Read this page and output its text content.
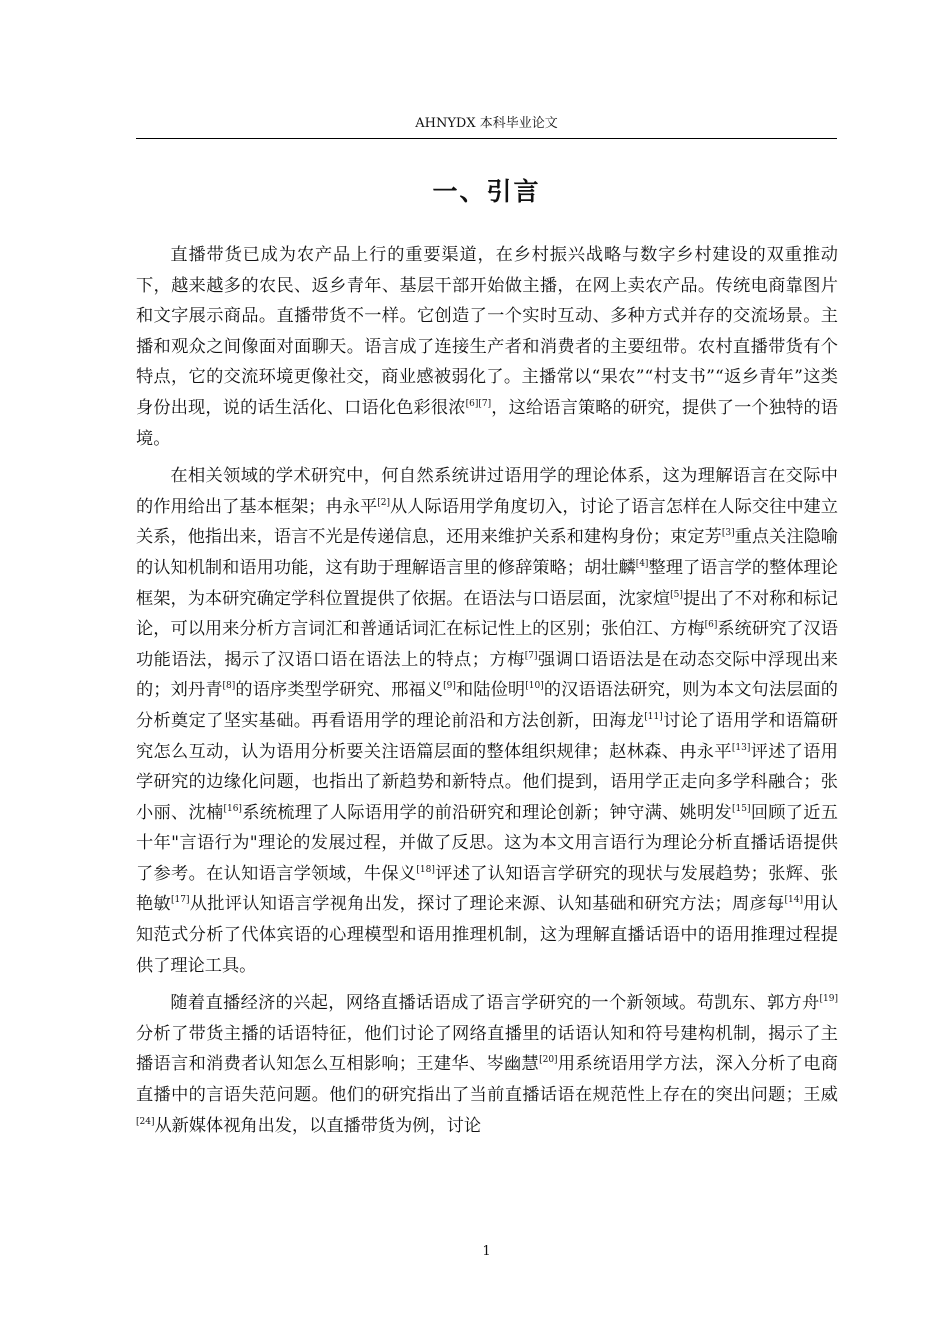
AHNYDX 本科毕业论文
一、引言

直播带货已成为农产品上行的重要渠道，在乡村振兴战略与数字乡村建设的双重推动下，越来越多的农民、返乡青年、基层干部开始做主播，在网上卖农产品。传统电商靠图片和文字展示商品。直播带货不一样。它创造了一个实时互动、多种方式并存的交流场景。主播和观众之间像面对面聊天。语言成了连接生产者和消费者的主要纽带。农村直播带货有个特点，它的交流环境更像社交，商业感被弱化了。主播常以“果农”“村支书”“返乡青年”这类身份出现，说的话生活化、口语化色彩很浓[6][7]，这给语言策略的研究，提供了一个独特的语境。

在相关领域的学术研究中，何自然系统讲过语用学的理论体系，这为理解语言在交际中的作用给出了基本框架；冉永平[2]从人际语用学角度切入，讨论了语言怎样在人际交往中建立关系，他指出来，语言不光是传递信息，还用来维护关系和建构身份；束定芳[3]重点关注隐喻的认知机制和语用功能，这有助于理解语言里的修辞策略；胡壮麟[4]整理了语言学的整体理论框架，为本研究确定学科位置提供了依据。在语法与口语层面，沈家煊[5]提出了不对称和标记论，可以用来分析方言词汇和普通话词汇在标记性上的区别；张伯江、方梅[6]系统研究了汉语功能语法，揭示了汉语口语在语法上的特点；方梅[7]强调口语语法是在动态交际中浮现出来的；刘丹青[8]的语序类型学研究、邢福义[9]和陆俭明[10]的汉语语法研究，则为本文句法层面的分析奠定了坚实基础。再看语用学的理论前沿和方法创新，田海龙[11]讨论了语用学和语篇研究怎么互动，认为语用分析要关注语篇层面的整体组织规律；赵林森、冉永平[13]评述了语用学研究的边缘化问题，也指出了新趋势和新特点。他们提到，语用学正走向多学科融合；张小丽、沈楠[16]系统梳理了人际语用学的前沿研究和理论创新；钟守满、姚明发[15]回顾了近五十年"言语行为"理论的发展过程，并做了反思。这为本文用言语行为理论分析直播话语提供了参考。在认知语言学领域，牛保义[18]评述了认知语言学研究的现状与发展趋势；张辉、张艳敏[17]从批评认知语言学视角出发，探讨了理论来源、认知基础和研究方法；周彦每[14]用认知范式分析了代体宾语的心理模型和语用推理机制，这为理解直播话语中的语用推理过程提供了理论工具。

随着直播经济的兴起，网络直播话语成了语言学研究的一个新领域。苟凯东、郭方舟[19]分析了带货主播的话语特征，他们讨论了网络直播里的话语认知和符号建构机制，揭示了主播语言和消费者认知怎么互相影响；王建华、岑幽慧[20]用系统语用学方法，深入分析了电商直播中的言语失范问题。他们的研究指出了当前直播话语在规范性上存在的突出问题；王威[24]从新媒体视角出发，以直播带货为例，讨论

1
